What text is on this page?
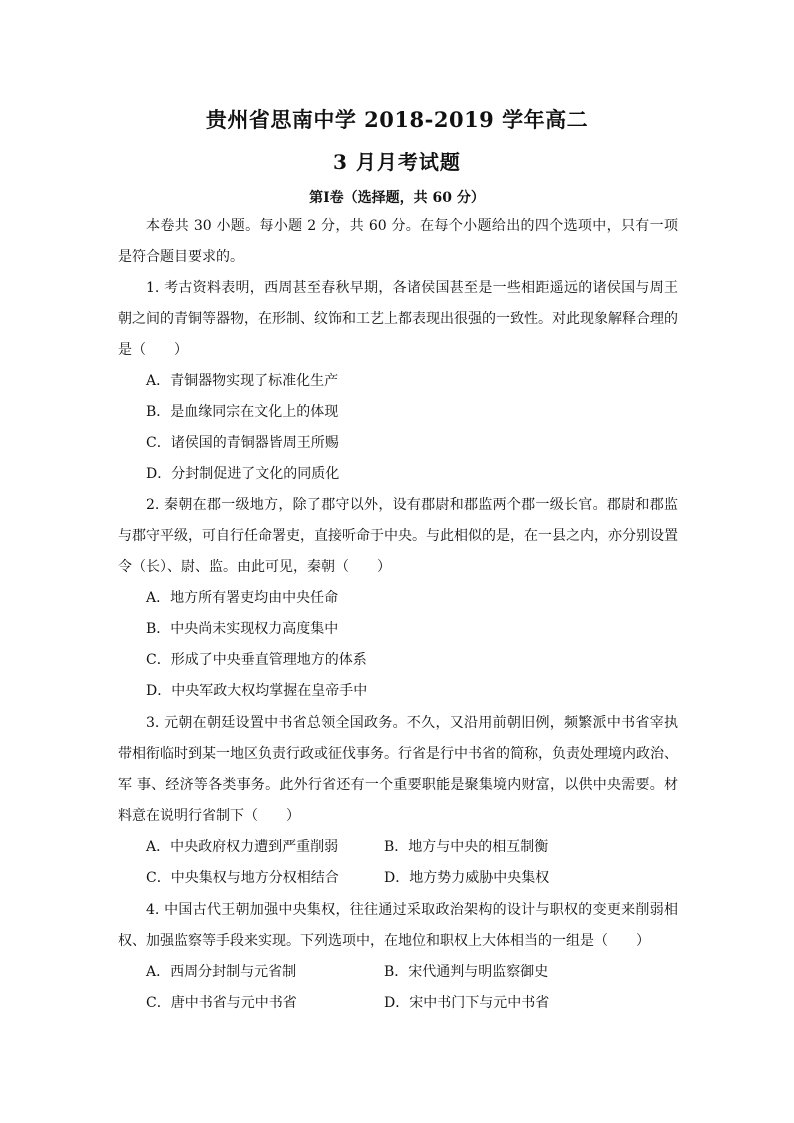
贵州省思南中学 2018-2019 学年高二
3 月月考试题
第Ⅰ卷（选择题，共 60 分）

本卷共 30 小题。每小题 2 分，共 60 分。在每个小题给出的四个选项中，只有一项是符合题目要求的。

1. 考古资料表明，西周甚至春秋早期，各诸侯国甚至是一些相距遥远的诸侯国与周王朝之间的青铜等器物，在形制、纹饰和工艺上都表现出很强的一致性。对此现象解释合理的是（　　）

A．青铜器物实现了标准化生产

B．是血缘同宗在文化上的体现

C．诸侯国的青铜器皆周王所赐

D．分封制促进了文化的同质化

2. 秦朝在郡一级地方，除了郡守以外，设有郡尉和郡监两个郡一级长官。郡尉和郡监与郡守平级，可自行任命署吏，直接听命于中央。与此相似的是，在一县之内，亦分别设置令（长）、尉、监。由此可见，秦朝（　　）

A．地方所有署吏均由中央任命

B．中央尚未实现权力高度集中

C．形成了中央垂直管理地方的体系

D．中央军政大权均掌握在皇帝手中

3. 元朝在朝廷设置中书省总领全国政务。不久，又沿用前朝旧例，频繁派中书省宰执带相衔临时到某一地区负责行政或征伐事务。行省是行中书省的简称，负责处理境内政治、军 事、经济等各类事务。此外行省还有一个重要职能是聚集境内财富，以供中央需要。材料意在说明行省制下（　　）

A．中央政府权力遭到严重削弱	B．地方与中央的相互制衡
C．中央集权与地方分权相结合	D．地方势力威胁中央集权

4. 中国古代王朝加强中央集权，往往通过采取政治架构的设计与职权的变更来削弱相权、加强监察等手段来实现。下列选项中，在地位和职权上大体相当的一组是（　　）

A．西周分封制与元省制	B．宋代通判与明监察御史
C．唐中书省与元中书省	D．宋中书门下与元中书省
